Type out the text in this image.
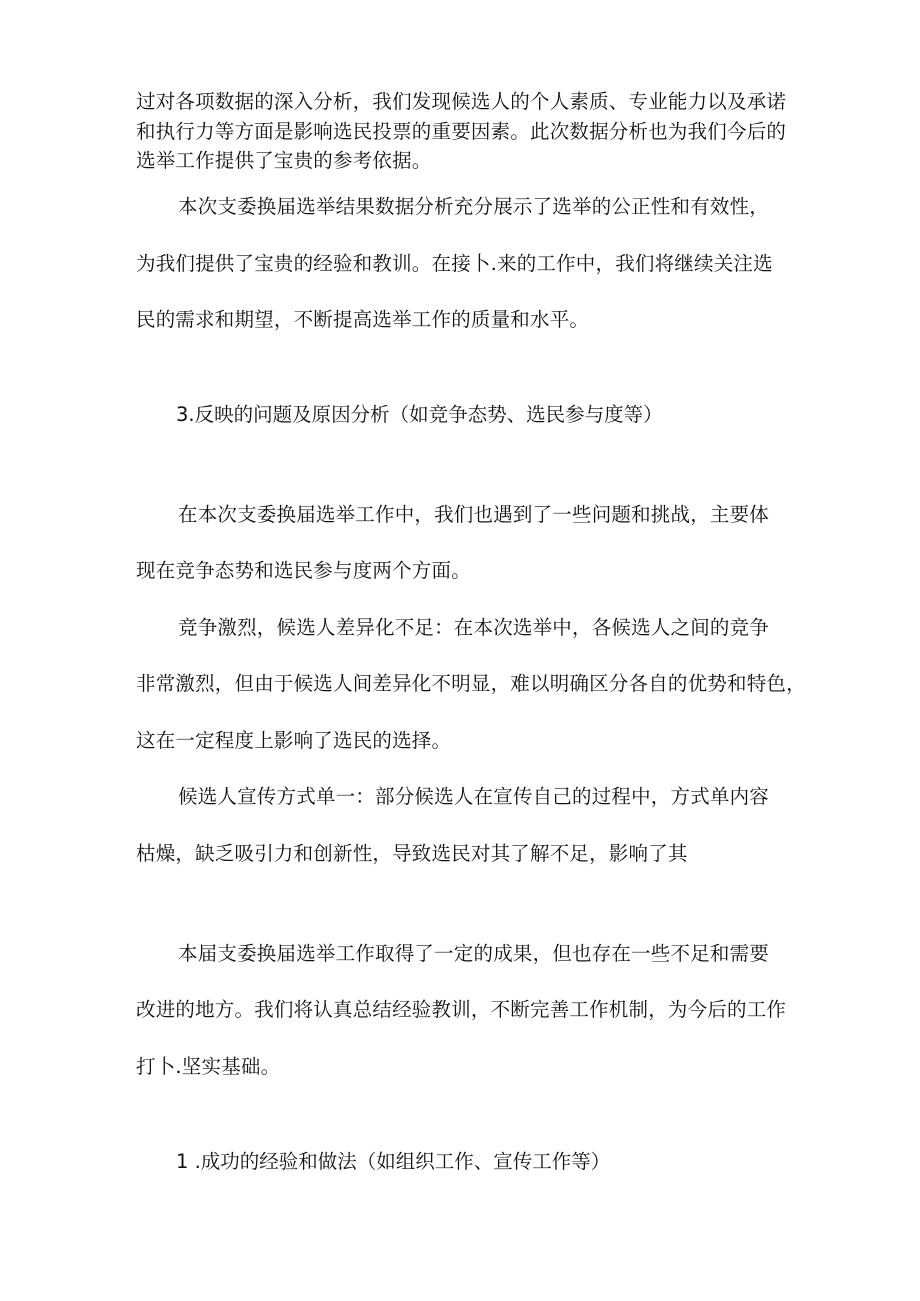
过对各项数据的深入分析，我们发现候选人的个人素质、专业能力以及承诺
和执行力等方面是影响选民投票的重要因素。此次数据分析也为我们今后的
选举工作提供了宝贵的参考依据。
本次支委换届选举结果数据分析充分展示了选举的公正性和有效性，
为我们提供了宝贵的经验和教训。在接卜.来的工作中，我们将继续关注选
民的需求和期望，不断提高选举工作的质量和水平。
3.反映的问题及原因分析（如竞争态势、选民参与度等）
在本次支委换届选举工作中，我们也遇到了一些问题和挑战，主要体
现在竞争态势和选民参与度两个方面。
竞争激烈，候选人差异化不足：在本次选举中，各候选人之间的竞争
非常激烈，但由于候选人间差异化不明显，难以明确区分各自的优势和特色，
这在一定程度上影响了选民的选择。
候选人宣传方式单一：部分候选人在宣传自己的过程中，方式单内容
枯燥，缺乏吸引力和创新性，导致选民对其了解不足，影响了其
本届支委换届选举工作取得了一定的成果，但也存在一些不足和需要
改进的地方。我们将认真总结经验教训，不断完善工作机制，为今后的工作
打卜.坚实基础。
1 .成功的经验和做法（如组织工作、宣传工作等）
